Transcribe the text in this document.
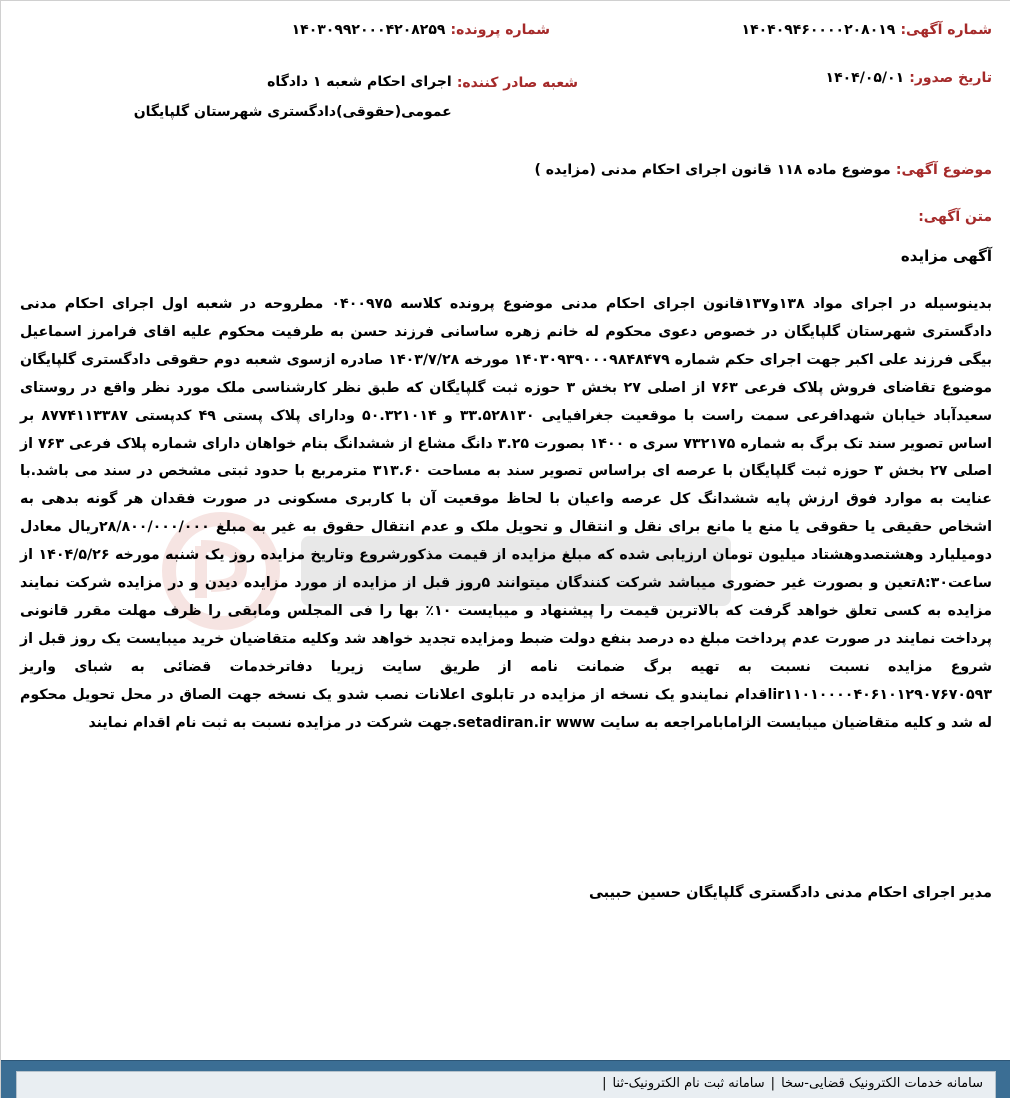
شماره آگهی: ۱۴۰۴۰۹۴۶۰۰۰۰۲۰۸۰۱۹
شماره پرونده: ۱۴۰۳۰۹۹۲۰۰۰۴۲۰۸۲۵۹
تاریخ صدور: ۱۴۰۴/۰۵/۰۱
شعبه صادر کننده: اجرای احکام شعبه ۱ دادگاه عمومی(حقوقی)دادگستری شهرستان گلپایگان
موضوع آگهی: موضوع ماده ۱۱۸ قانون اجرای احکام مدنی (مزایده )
متن آگهی:
آگهی مزایده
بدینوسیله در اجرای مواد ۱۳۸و۱۳۷قانون اجرای احکام مدنی موضوع پرونده کلاسه ۰۴۰۰۹۷۵ مطروحه در شعبه اول اجرای احکام مدنی دادگستری شهرستان گلپایگان در خصوص دعوی محکوم له خانم زهره ساسانی فرزند حسن به طرفیت محکوم علیه اقای فرامرز اسماعیل بیگی فرزند علی اکبر جهت اجرای حکم شماره ۱۴۰۳۰۹۳۹۰۰۰۹۸۴۸۴۷۹ مورخه ۱۴۰۳/۷/۲۸ صادره ازسوی شعبه دوم حقوقی دادگستری گلپایگان موضوع تقاضای فروش پلاک فرعی ۷۶۳ از اصلی ۲۷ بخش ۳ حوزه ثبت گلپایگان که طبق نظر کارشناسی ملک مورد نظر واقع در روستای سعیدآباد خیابان شهدافرعی سمت راست با موقعیت جغرافیایی ۳۳.۵۲۸۱۳۰ و ۵۰.۳۲۱۰۱۴ ودارای پلاک پستی ۴۹ کدپستی ۸۷۷۴۱۱۳۳۸۷ بر اساس تصویر سند تک برگ به شماره ۷۳۲۱۷۵ سری ه ۱۴۰۰ بصورت ۳.۲۵ دانگ مشاع از ششدانگ بنام خواهان دارای شماره پلاک فرعی ۷۶۳ از اصلی ۲۷ بخش ۳ حوزه ثبت گلپایگان با عرصه ای براساس تصویر سند به مساحت ۳۱۳.۶۰ مترمربع با حدود ثبتی مشخص در سند می باشد.با عنایت به موارد فوق ارزش پایه ششدانگ کل عرصه واعیان با لحاظ موقعیت آن با کاربری مسکونی در صورت فقدان هر گونه بدهی به اشخاص حقیقی یا حقوقی یا منع یا مانع برای نقل و انتقال و تحویل ملک و عدم انتقال حقوق به غیر به مبلغ ۲۸/۸۰۰/۰۰۰/۰۰۰ریال معادل دومیلیارد وهشتصدوهشتاد میلیون تومان ارزیابی شده که مبلغ مزایده از قیمت مذکورشروع وتاریخ مزایده روز یک شنبه مورخه ۱۴۰۴/۵/۲۶ از ساعت۸:۳۰تعین و بصورت غیر حضوری میباشد شرکت کنندگان میتوانند ۵روز قبل از مزایده از مورد مزایده دیدن و در مزایده شرکت نمایند مزایده به کسی تعلق خواهد گرفت که بالاترین قیمت را پیشنهاد و میبایست ۱۰٪ بها را فی المجلس ومابقی را ظرف مهلت مقرر قانونی پرداخت نمایند در صورت عدم پرداخت مبلغ ده درصد بنفع دولت ضبط ومزایده تجدید خواهد شد وکلیه متقاضیان خرید میبایست یک روز قبل از شروع مزایده نسبت نسبت به تهیه برگ ضمانت نامه از طریق سایت زیریا دفاترخدمات قضائی به شبای واریز ir۱۱۰۱۰۰۰۰۴۰۶۱۰۱۲۹۰۷۶۷۰۵۹۳اقدام نمایندو یک نسخه از مزایده در تابلوی اعلانات نصب شدو یک نسخه جهت الصاق در محل تحویل محکوم له شد و کلیه متقاضیان میبایست الزامابامراجعه به سایت setadiran.ir www.جهت شرکت در مزایده نسبت به ثبت نام اقدام نمایند
مدیر اجرای احکام مدنی دادگستری گلپایگان حسین حبیبی
سامانه خدمات الکترونیک قضایی-سخا|سامانه ثبت نام الکترونیک-ثنا|
